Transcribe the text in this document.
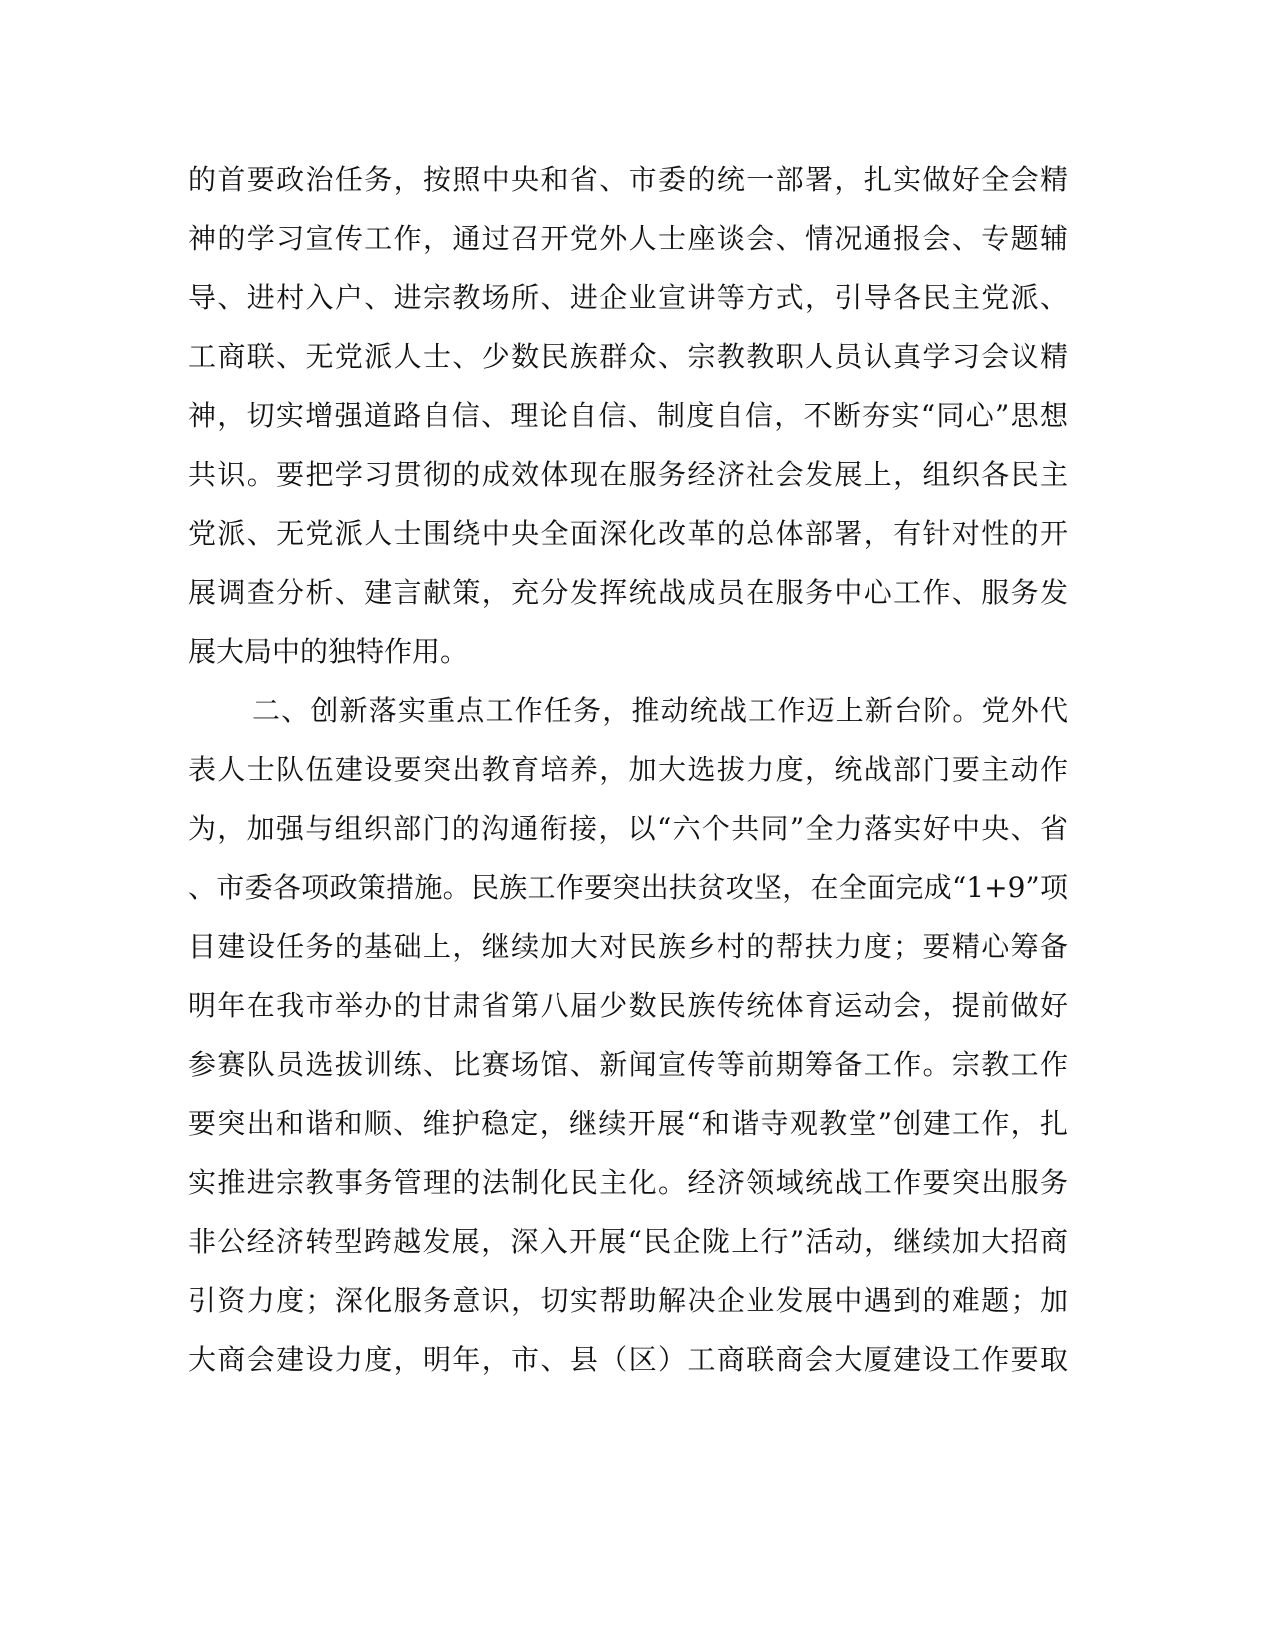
的首要政治任务，按照中央和省、市委的统一部署，扎实做好全会精
神的学习宣传工作，通过召开党外人士座谈会、情况通报会、专题辅
导、进村入户、进宗教场所、进企业宣讲等方式，引导各民主党派、
工商联、无党派人士、少数民族群众、宗教教职人员认真学习会议精
神，切实增强道路自信、理论自信、制度自信，不断夯实“同心”思想
共识。要把学习贯彻的成效体现在服务经济社会发展上，组织各民主
党派、无党派人士围绕中央全面深化改革的总体部署，有针对性的开
展调查分析、建言献策，充分发挥统战成员在服务中心工作、服务发
展大局中的独特作用。
二、创新落实重点工作任务，推动统战工作迈上新台阶。党外代
表人士队伍建设要突出教育培养，加大选拔力度，统战部门要主动作
为，加强与组织部门的沟通衔接，以“六个共同”全力落实好中央、省
、市委各项政策措施。民族工作要突出扶贫攻坚，在全面完成“1+9”项
目建设任务的基础上，继续加大对民族乡村的帮扶力度；要精心筹备
明年在我市举办的甘肃省第八届少数民族传统体育运动会，提前做好
参赛队员选拔训练、比赛场馆、新闻宣传等前期筹备工作。宗教工作
要突出和谐和顺、维护稳定，继续开展“和谐寺观教堂”创建工作，扎
实推进宗教事务管理的法制化民主化。经济领域统战工作要突出服务
非公经济转型跨越发展，深入开展“民企陇上行”活动，继续加大招商
引资力度；深化服务意识，切实帮助解决企业发展中遇到的难题；加
大商会建设力度，明年，市、县（区）工商联商会大厦建设工作要取
